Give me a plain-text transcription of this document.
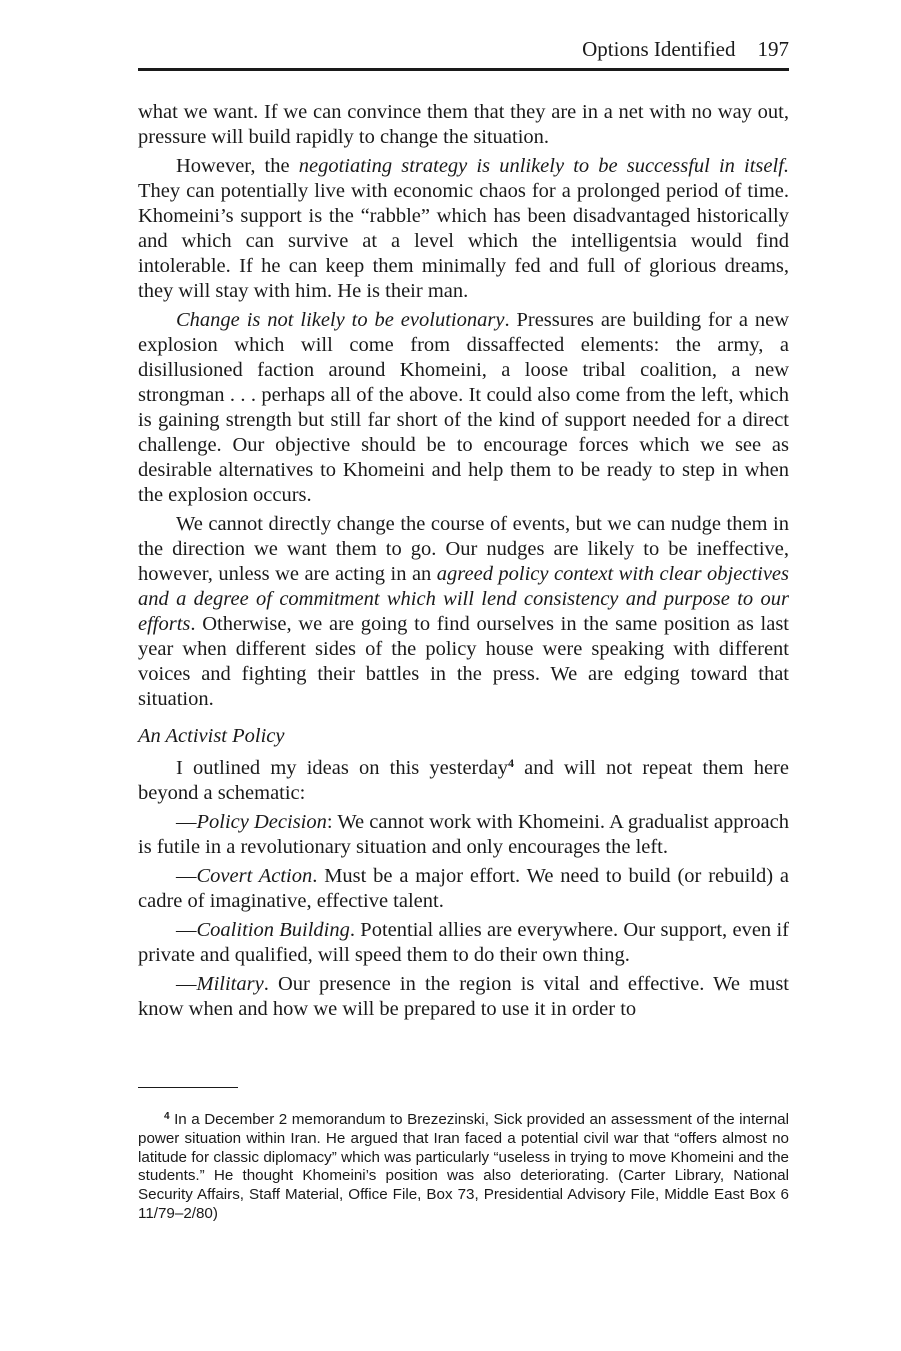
Options Identified 197

what we want. If we can convince them that they are in a net with no way out, pressure will build rapidly to change the situation.

However, the negotiating strategy is unlikely to be successful in itself. They can potentially live with economic chaos for a prolonged period of time. Khomeini’s support is the “rabble” which has been disadvantaged historically and which can survive at a level which the intelligentsia would find intolerable. If he can keep them minimally fed and full of glorious dreams, they will stay with him. He is their man.

Change is not likely to be evolutionary. Pressures are building for a new explosion which will come from dissaffected elements: the army, a disillusioned faction around Khomeini, a loose tribal coalition, a new strongman . . . perhaps all of the above. It could also come from the left, which is gaining strength but still far short of the kind of support needed for a direct challenge. Our objective should be to encourage forces which we see as desirable alternatives to Khomeini and help them to be ready to step in when the explosion occurs.

We cannot directly change the course of events, but we can nudge them in the direction we want them to go. Our nudges are likely to be ineffective, however, unless we are acting in an agreed policy context with clear objectives and a degree of commitment which will lend consistency and purpose to our efforts. Otherwise, we are going to find ourselves in the same position as last year when different sides of the policy house were speaking with different voices and fighting their battles in the press. We are edging toward that situation.

An Activist Policy

I outlined my ideas on this yesterday$^4$ and will not repeat them here beyond a schematic:

—Policy Decision: We cannot work with Khomeini. A gradualist approach is futile in a revolutionary situation and only encourages the left.

—Covert Action. Must be a major effort. We need to build (or rebuild) a cadre of imaginative, effective talent.

—Coalition Building. Potential allies are everywhere. Our support, even if private and qualified, will speed them to do their own thing.

—Military. Our presence in the region is vital and effective. We must know when and how we will be prepared to use it in order to

$^4$ In a December 2 memorandum to Brezezinski, Sick provided an assessment of the internal power situation within Iran. He argued that Iran faced a potential civil war that “offers almost no latitude for classic diplomacy” which was particularly “useless in trying to move Khomeini and the students.” He thought Khomeini’s position was also deteriorating. (Carter Library, National Security Affairs, Staff Material, Office File, Box 73, Presidential Advisory File, Middle East Box 6 11/79–2/80)
